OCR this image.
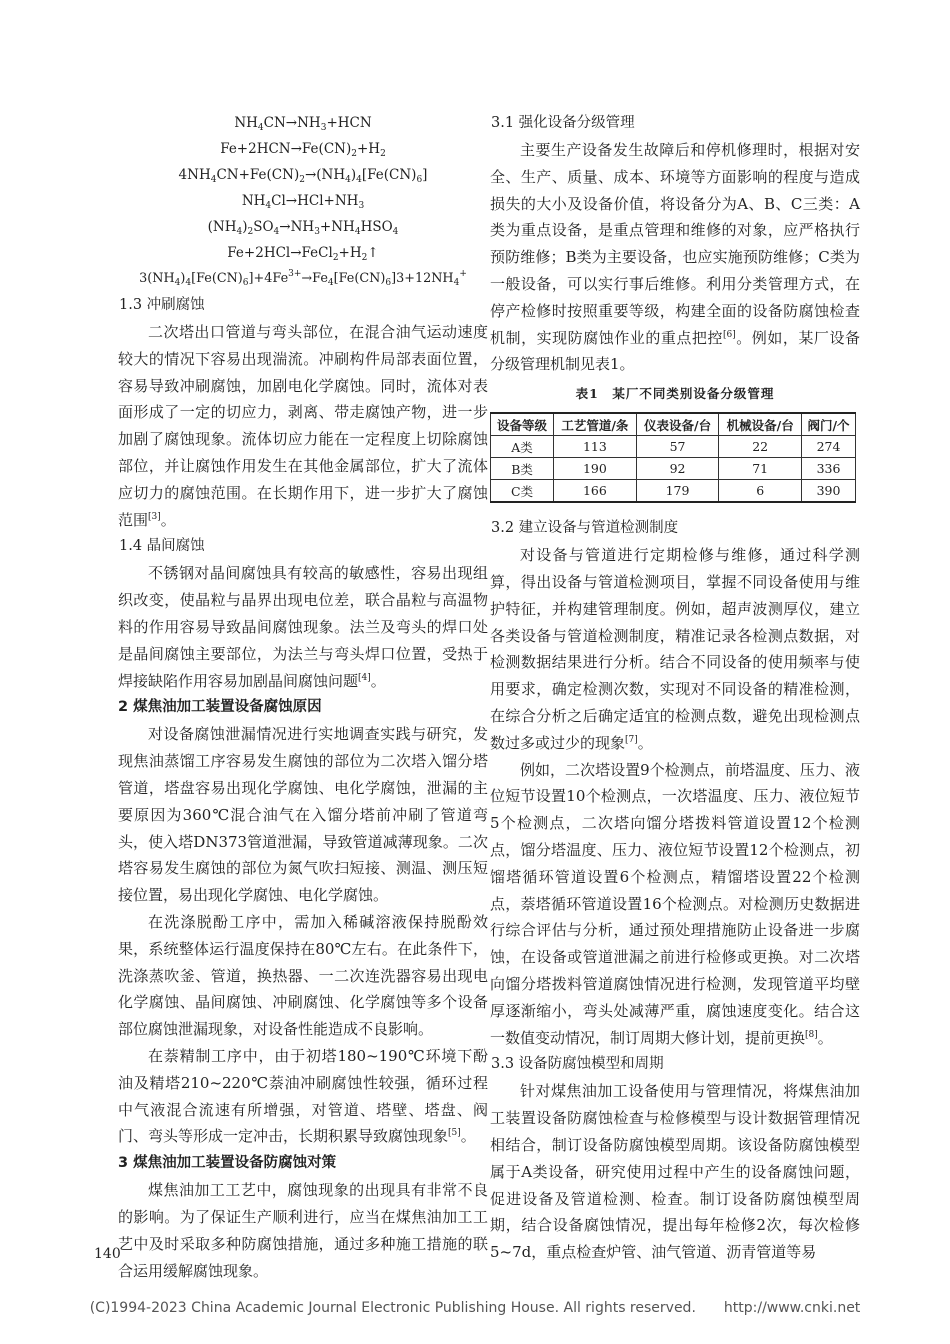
$NH_4CN\to NH_3+HCN$
$Fe+2HCN\to Fe(CN)_2+H_2$
$4NH_4CN+Fe(CN)_2\to(NH_4)_4[Fe(CN)_6]$
$NH_4Cl\to HCl+NH_3$
$(NH_4)_2SO_4\to NH_3+NH_4HSO_4$
$Fe+2HCl\to FeCl_2+H_2↑$
$3(NH_4)_4[Fe(CN)_6]+4Fe^{3+}\to Fe_4[Fe(CN)_6]3+12NH_4^+$
1.3 冲刷腐蚀

二次塔出口管道与弯头部位，在混合油气运动速度较大的情况下容易出现湍流。冲刷构件局部表面位置，容易导致冲刷腐蚀，加剧电化学腐蚀。同时，流体对表面形成了一定的切应力，剥离、带走腐蚀产物，进一步加剧了腐蚀现象。流体切应力能在一定程度上切除腐蚀部位，并让腐蚀作用发生在其他金属部位，扩大了流体应切力的腐蚀范围。在长期作用下，进一步扩大了腐蚀范围[3]。

1.4 晶间腐蚀

不锈钢对晶间腐蚀具有较高的敏感性，容易出现组织改变，使晶粒与晶界出现电位差，联合晶粒与高温物料的作用容易导致晶间腐蚀现象。法兰及弯头的焊口处是晶间腐蚀主要部位，为法兰与弯头焊口位置，受热于焊接缺陷作用容易加剧晶间腐蚀问题[4]。

2 煤焦油加工装置设备腐蚀原因

对设备腐蚀泄漏情况进行实地调查实践与研究，发现焦油蒸馏工序容易发生腐蚀的部位为二次塔入馏分塔管道，塔盘容易出现化学腐蚀、电化学腐蚀，泄漏的主要原因为360℃混合油气在入馏分塔前冲刷了管道弯头，使入塔DN373管道泄漏，导致管道减薄现象。二次塔容易发生腐蚀的部位为氮气吹扫短接、测温、测压短接位置，易出现化学腐蚀、电化学腐蚀。

在洗涤脱酚工序中，需加入稀碱溶液保持脱酚效果，系统整体运行温度保持在80℃左右。在此条件下，洗涤蒸吹釜、管道，换热器、一二次连洗器容易出现电化学腐蚀、晶间腐蚀、冲刷腐蚀、化学腐蚀等多个设备部位腐蚀泄漏现象，对设备性能造成不良影响。

在萘精制工序中，由于初塔180~190℃环境下酚油及精塔210~220℃萘油冲刷腐蚀性较强，循环过程中气液混合流速有所增强，对管道、塔壁、塔盘、阀门、弯头等形成一定冲击，长期积累导致腐蚀现象[5]。

3 煤焦油加工装置设备防腐蚀对策

煤焦油加工工艺中，腐蚀现象的出现具有非常不良的影响。为了保证生产顺利进行，应当在煤焦油加工工艺中及时采取多种防腐蚀措施，通过多种施工措施的联合运用缓解腐蚀现象。

3.1 强化设备分级管理

主要生产设备发生故障后和停机修理时，根据对安全、生产、质量、成本、环境等方面影响的程度与造成损失的大小及设备价值，将设备分为A、B、C三类：A类为重点设备，是重点管理和维修的对象，应严格执行预防维修；B类为主要设备，也应实施预防维修；C类为一般设备，可以实行事后维修。利用分类管理方式，在停产检修时按照重要等级，构建全面的设备防腐蚀检查机制，实现防腐蚀作业的重点把控[6]。例如，某厂设备分级管理机制见表1。

表1　某厂不同类别设备分级管理
设备等级	工艺管道/条	仪表设备/台	机械设备/台	阀门/个
A类	113	57	22	274
B类	190	92	71	336
C类	166	179	6	390
3.2 建立设备与管道检测制度

对设备与管道进行定期检修与维修，通过科学测算，得出设备与管道检测项目，掌握不同设备使用与维护特征，并构建管理制度。例如，超声波测厚仪，建立各类设备与管道检测制度，精准记录各检测点数据，对检测数据结果进行分析。结合不同设备的使用频率与使用要求，确定检测次数，实现对不同设备的精准检测，在综合分析之后确定适宜的检测点数，避免出现检测点数过多或过少的现象[7]。

例如，二次塔设置9个检测点，前塔温度、压力、液位短节设置10个检测点，一次塔温度、压力、液位短节5个检测点，二次塔向馏分塔拨料管道设置12个检测点，馏分塔温度、压力、液位短节设置12个检测点，初馏塔循环管道设置6个检测点，精馏塔设置22个检测点，萘塔循环管道设置16个检测点。对检测历史数据进行综合评估与分析，通过预处理措施防止设备进一步腐蚀，在设备或管道泄漏之前进行检修或更换。对二次塔向馏分塔拨料管道腐蚀情况进行检测，发现管道平均壁厚逐渐缩小，弯头处减薄严重，腐蚀速度变化。结合这一数值变动情况，制订周期大修计划，提前更换[8]。

3.3 设备防腐蚀模型和周期

针对煤焦油加工设备使用与管理情况，将煤焦油加工装置设备防腐蚀检查与检修模型与设计数据管理情况相结合，制订设备防腐蚀模型周期。该设备防腐蚀模型属于A类设备，研究使用过程中产生的设备腐蚀问题，促进设备及管道检测、检查。制订设备防腐蚀模型周期，结合设备腐蚀情况，提出每年检修2次，每次检修5~7d，重点检查炉管、油气管道、沥青管道等易

140
(C)1994-2023 China Academic Journal Electronic Publishing House. All rights reserved.　　http://www.cnki.net
